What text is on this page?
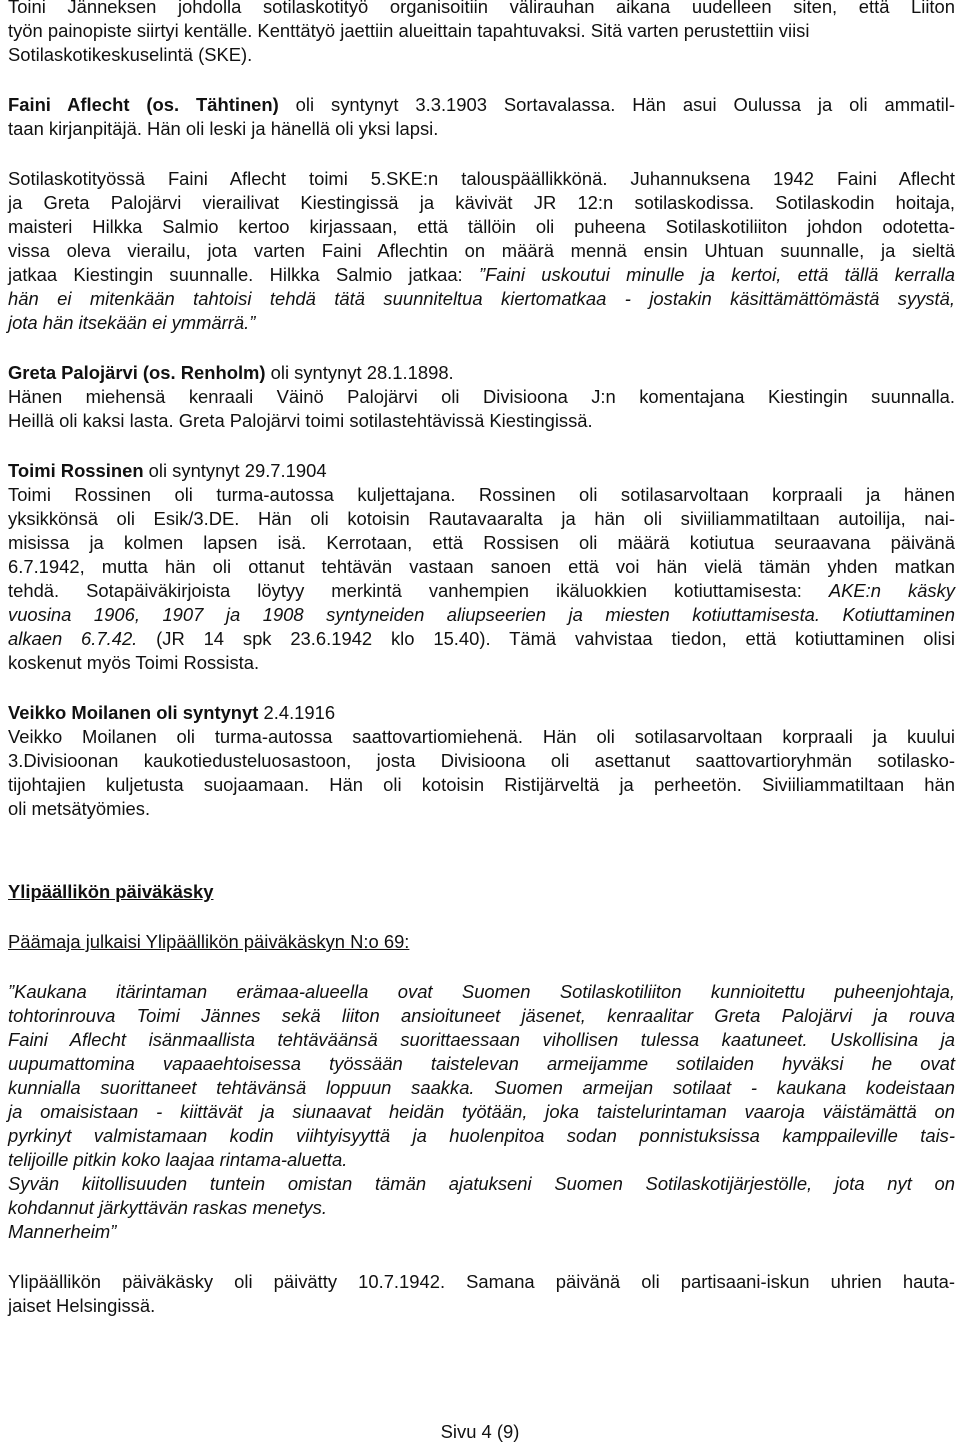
Toini Jänneksen johdolla sotilaskotityö organisoitiin välirauhan aikana uudelleen siten, että Liiton
työn painopiste siirtyi kentälle. Kenttätyö jaettiin alueittain tapahtuvaksi. Sitä varten perustettiin viisi
Sotilaskotikeskuselintä (SKE).
Faini Aflecht (os. Tähtinen) oli syntynyt 3.3.1903 Sortavalassa. Hän asui Oulussa ja oli ammatil-
taan kirjanpitäjä. Hän oli leski ja hänellä oli yksi lapsi.
Sotilaskotityössä Faini Aflecht toimi 5.SKE:n talouspäällikkönä. Juhannuksena 1942 Faini Aflecht
ja Greta Palojärvi vierailivat Kiestingissä ja kävivät JR 12:n sotilaskodissa. Sotilaskodin hoitaja,
maisteri Hilkka Salmio kertoo kirjassaan, että tällöin oli puheena Sotilaskotiliiton johdon odotetta-
vissa oleva vierailu, jota varten Faini Aflechtin on määrä mennä ensin Uhtuan suunnalle, ja sieltä
jatkaa Kiestingin suunnalle. Hilkka Salmio jatkaa: ”Faini uskoutui minulle ja kertoi, että tällä kerralla
hän ei mitenkään tahtoisi tehdä tätä suunniteltua kiertomatkaa - jostakin käsittämättömästä syystä,
jota hän itsekään ei ymmärrä.”
Greta Palojärvi (os. Renholm) oli syntynyt 28.1.1898.
Hänen miehensä kenraali Väinö Palojärvi oli Divisioona J:n komentajana Kiestingin suunnalla.
Heillä oli kaksi lasta. Greta Palojärvi toimi sotilastehtävissä Kiestingissä.
Toimi Rossinen oli syntynyt 29.7.1904
Toimi Rossinen oli turma-autossa kuljettajana. Rossinen oli sotilasarvoltaan korpraali ja hänen
yksikkönsä oli Esik/3.DE. Hän oli kotoisin Rautavaaralta ja hän oli siviiliammatiltaan autoilija, nai-
misissa ja kolmen lapsen isä. Kerrotaan, että Rossisen oli määrä kotiutua seuraavana päivänä
6.7.1942, mutta hän oli ottanut tehtävän vastaan sanoen että voi hän vielä tämän yhden matkan
tehdä. Sotapäiväkirjoista löytyy merkintä vanhempien ikäluokkien kotiuttamisesta: AKE:n käsky
vuosina 1906, 1907 ja 1908 syntyneiden aliupseerien ja miesten kotiuttamisesta. Kotiuttaminen
alkaen 6.7.42. (JR 14 spk 23.6.1942 klo 15.40). Tämä vahvistaa tiedon, että kotiuttaminen olisi
koskenut myös Toimi Rossista.
Veikko Moilanen oli syntynyt 2.4.1916
Veikko Moilanen oli turma-autossa saattovartiomiehenä. Hän oli sotilasarvoltaan korpraali ja kuului
3.Divisioonan kaukotiedusteluosastoon, josta Divisioona oli asettanut saattovartioryhmän sotilasko-
tijohtajien kuljetusta suojaamaan. Hän oli kotoisin Ristijärveltä ja perheetön. Siviiliammatiltaan hän
oli metsätyömies.
Ylipäällikön päiväkäsky
Päämaja julkaisi Ylipäällikön päiväkäskyn N:o 69:
”Kaukana itärintaman erämaa-alueella ovat Suomen Sotilaskotiliiton kunnioitettu puheenjohtaja,
tohtorinrouva Toimi Jännes sekä liiton ansioituneet jäsenet, kenraalitar Greta Palojärvi ja rouva
Faini Aflecht isänmaallista tehtäväänsä suorittaessaan vihollisen tulessa kaatuneet. Uskollisina ja
uupumattomina vapaaehtoisessa työssään taistelevan armeijamme sotilaiden hyväksi he ovat
kunnialla suorittaneet tehtävänsä loppuun saakka. Suomen armeijan sotilaat - kaukana kodeistaan
ja omaisistaan - kiittävät ja siunaavat heidän työtään, joka taistelurintaman vaaroja väistämättä on
pyrkinyt valmistamaan kodin viihtyisyyttä ja huolenpitoa sodan ponnistuksissa kamppaileville tais-
telijoille pitkin koko laajaa rintama-aluetta.
Syvän kiitollisuuden tuntein omistan tämän ajatukseni Suomen Sotilaskotijärjestölle, jota nyt on
kohdannut järkyttävän raskas menetys.
Mannerheim”
Ylipäällikön päiväkäsky oli päivätty 10.7.1942. Samana päivänä oli partisaani-iskun uhrien hauta-
jaiset Helsingissä.
Sivu 4 (9)
